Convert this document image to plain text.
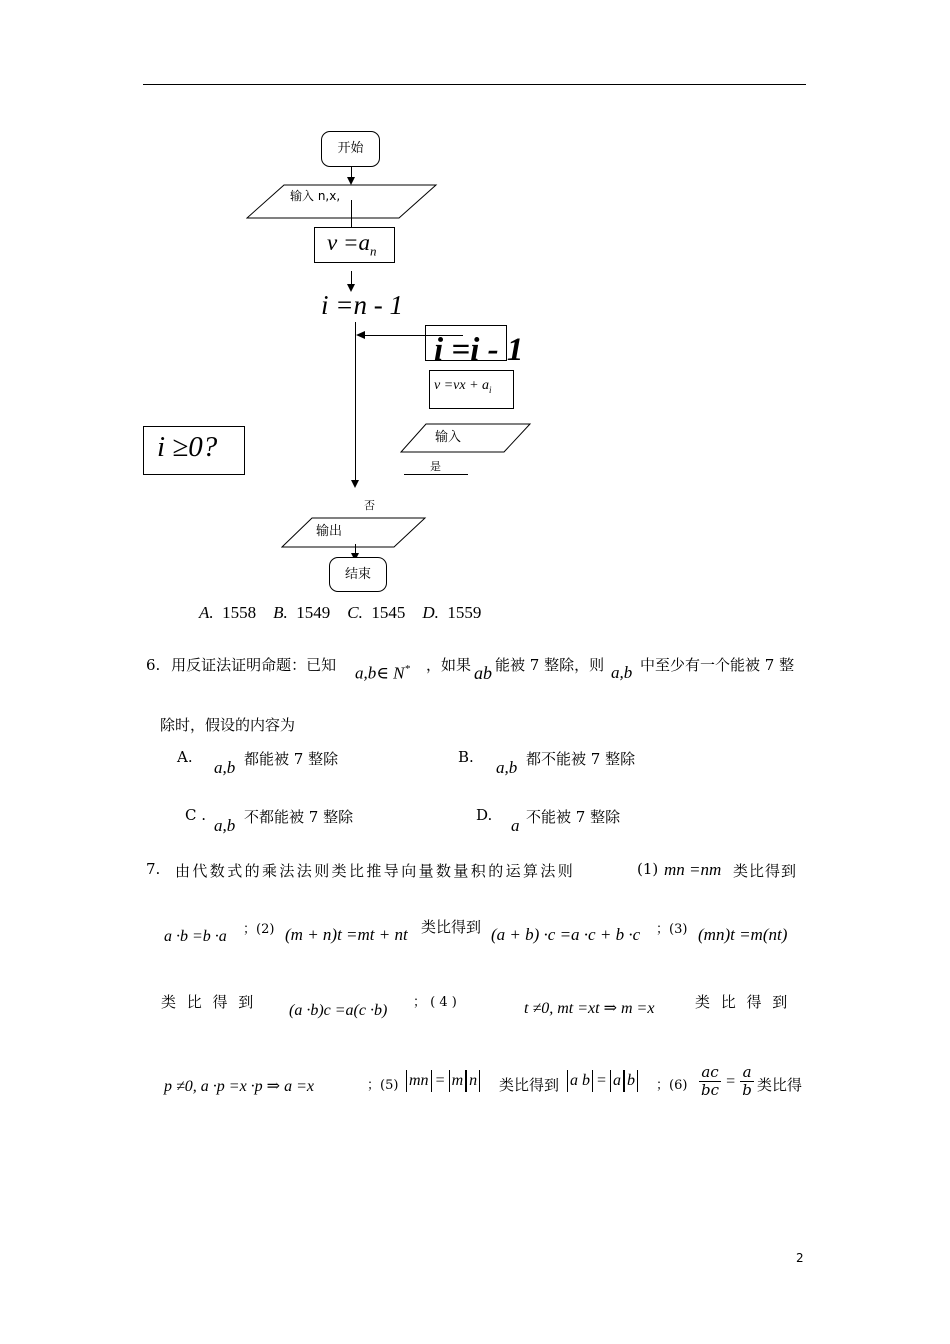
开始
输入 n,x,
$v =a_n$
i =n - 1
i =i - 1
$v =vx + a_i$
输入
是
i ≥0?
否
输出
结束
A. 1558 B. 1549 C. 1545 D. 1559
6. 用反证法证明命题：已知 a,b∈ N* ，如果 ab 能被 7 整除，则 a,b 中至少有一个能被 7 整
除时，假设的内容为
A.
a,b 都能被 7 整除	B.
a,b 都不能被 7 整除
C .
a,b 不都能被 7 整除	D.
a 不能被 7 整除
7. 由代数式的乘法法则类比推导向量数量积的运算法则	(1) mn =nm 类比得到
a ·b =b ·a ；(2) (m + n)t =mt + nt 类比得到 (a + b) ·c =a ·c + b ·c ；(3) (mn)t =m(nt)
类 比 得 到 (a ·b)c =a(c ·b) ； ( 4 )	t ≠0, mt =xt ⇒ m =x	类 比 得 到
p ≠0, a ·p =x ·p ⇒ a =x	；(5) mn = m n 类比得到 a b = a b ；$(6) \frac{ac}{bc} = \frac{a}{b}$ 类比得
2
